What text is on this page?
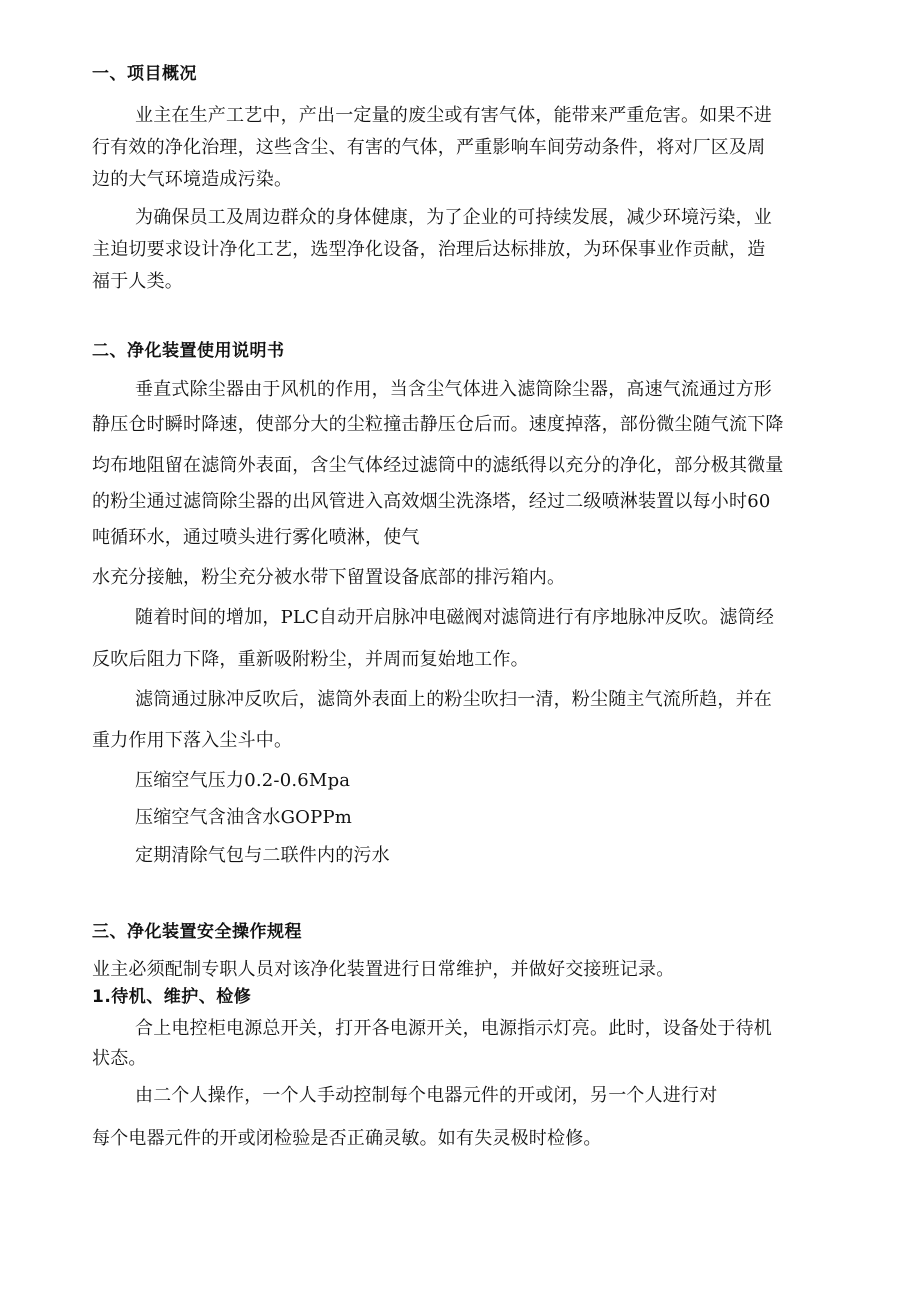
一、项目概况

业主在生产工艺中，产出一定量的废尘或有害气体，能带来严重危害。如果不进

行有效的净化治理，这些含尘、有害的气体，严重影响车间劳动条件，将对厂区及周

边的大气环境造成污染。

为确保员工及周边群众的身体健康，为了企业的可持续发展，减少环境污染，业

主迫切要求设计净化工艺，选型净化设备，治理后达标排放，为环保事业作贡献，造

福于人类。

二、净化装置使用说明书

垂直式除尘器由于风机的作用，当含尘气体进入滤筒除尘器，高速气流通过方形

静压仓时瞬时降速，使部分大的尘粒撞击静压仓后而。速度掉落，部份微尘随气流下降

均布地阻留在滤筒外表面，含尘气体经过滤筒中的滤纸得以充分的净化，部分极其微量

的粉尘通过滤筒除尘器的出风管进入高效烟尘洗涤塔，经过二级喷淋装置以每小时60

吨循环水，通过喷头进行雾化喷淋，使气

水充分接触，粉尘充分被水带下留置设备底部的排污箱内。

随着时间的增加，PLC自动开启脉冲电磁阀对滤筒进行有序地脉冲反吹。滤筒经

反吹后阻力下降，重新吸附粉尘，并周而复始地工作。

滤筒通过脉冲反吹后，滤筒外表面上的粉尘吹扫一清，粉尘随主气流所趋，并在

重力作用下落入尘斗中。

压缩空气压力0.2-0.6Mpa

压缩空气含油含水GOPPm

定期清除气包与二联件内的污水

三、净化装置安全操作规程

业主必须配制专职人员对该净化装置进行日常维护，并做好交接班记录。

1.待机、维护、检修

合上电控柜电源总开关，打开各电源开关，电源指示灯亮。此时，设备处于待机

状态。

由二个人操作，一个人手动控制每个电器元件的开或闭，另一个人进行对

每个电器元件的开或闭检验是否正确灵敏。如有失灵极时检修。
